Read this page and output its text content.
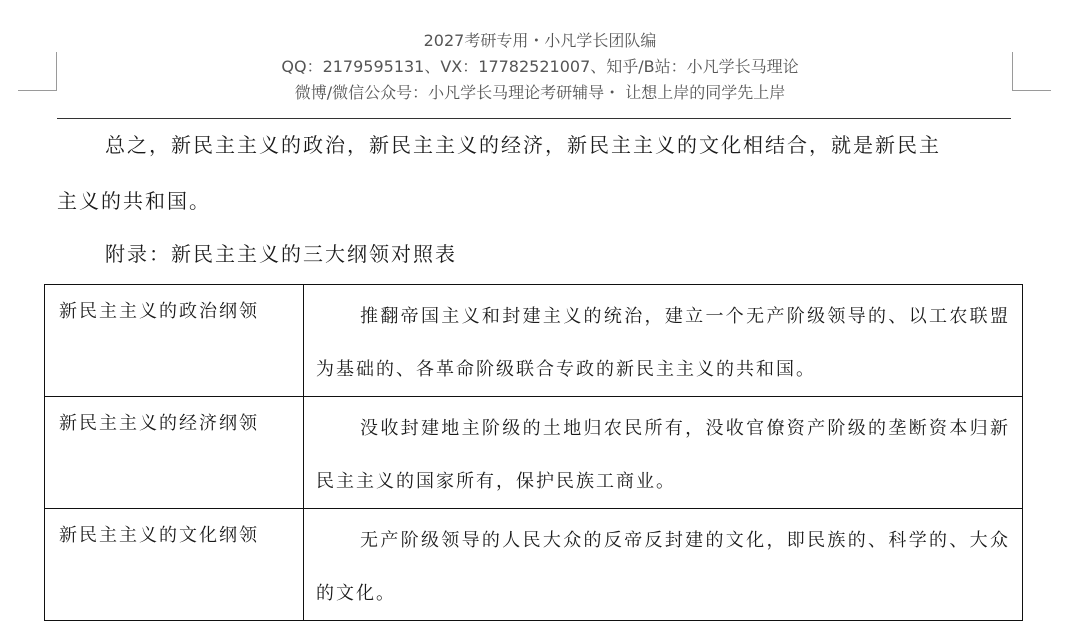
2027考研专用・小凡学长团队编
QQ：2179595131、VX：17782521007、知乎/B站：小凡学长马理论
微博/微信公众号：小凡学长马理论考研辅导・ 让想上岸的同学先上岸

总之，新民主主义的政治，新民主主义的经济，新民主主义的文化相结合，就是新民主

主义的共和国。

附录：新民主主义的三大纲领对照表

新民主主义的政治纲领	推翻帝国主义和封建主义的统治，建立一个无产阶级领导的、以工农联盟为基础的、各革命阶级联合专政的新民主主义的共和国。

新民主主义的经济纲领	没收封建地主阶级的土地归农民所有，没收官僚资产阶级的垄断资本归新民主主义的国家所有，保护民族工商业。

新民主主义的文化纲领	无产阶级领导的人民大众的反帝反封建的文化，即民族的、科学的、大众的文化。
